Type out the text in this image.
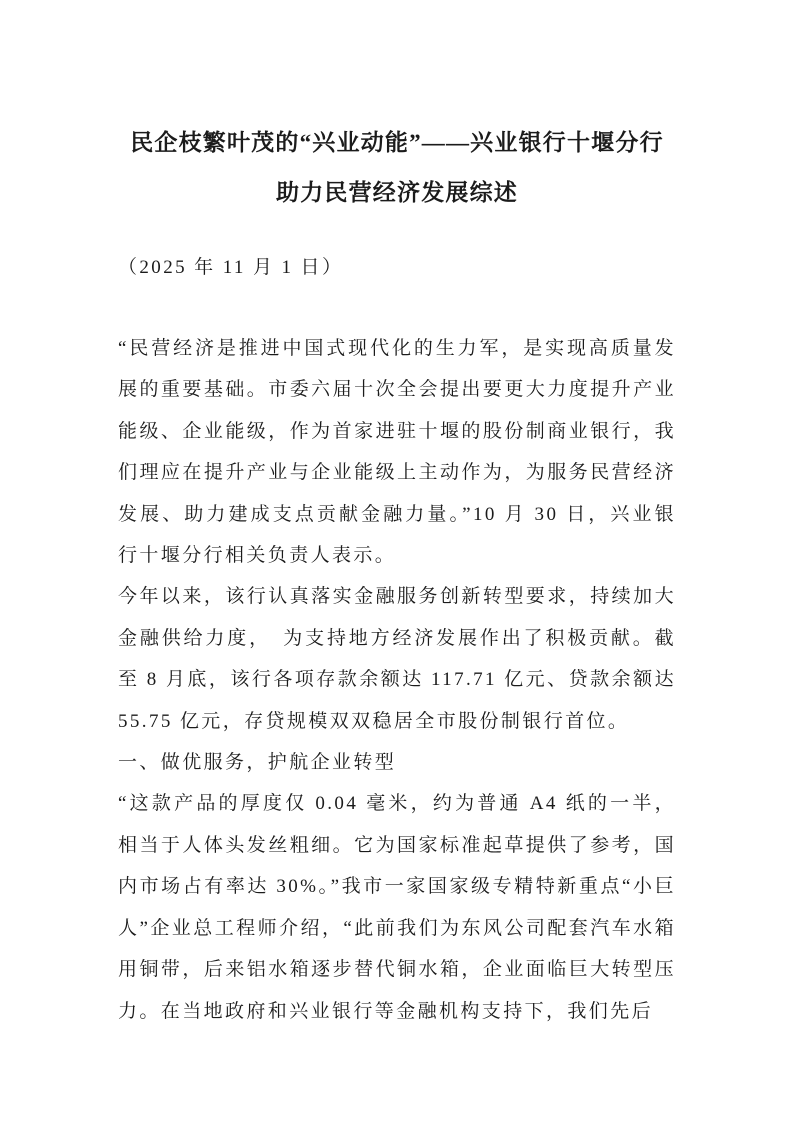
民企枝繁叶茂的“兴业动能”——兴业银行十堰分行
助力民营经济发展综述

（2025 年 11 月 1 日）

“民营经济是推进中国式现代化的生力军，是实现高质量发展的重要基础。市委六届十次全会提出要更大力度提升产业能级、企业能级，作为首家进驻十堰的股份制商业银行，我们理应在提升产业与企业能级上主动作为，为服务民营经济发展、助力建成支点贡献金融力量。”10 月 30 日，兴业银行十堰分行相关负责人表示。

今年以来，该行认真落实金融服务创新转型要求，持续加大金融供给力度，　为支持地方经济发展作出了积极贡献。截至 8 月底，该行各项存款余额达 117.71 亿元、贷款余额达 55.75 亿元，存贷规模双双稳居全市股份制银行首位。

一、做优服务，护航企业转型

“这款产品的厚度仅 0.04 毫米，约为普通 A4 纸的一半，相当于人体头发丝粗细。它为国家标准起草提供了参考，国内市场占有率达 30%。”我市一家国家级专精特新重点“小巨人”企业总工程师介绍，“此前我们为东风公司配套汽车水箱用铜带，后来铝水箱逐步替代铜水箱，企业面临巨大转型压力。在当地政府和兴业银行等金融机构支持下，我们先后
